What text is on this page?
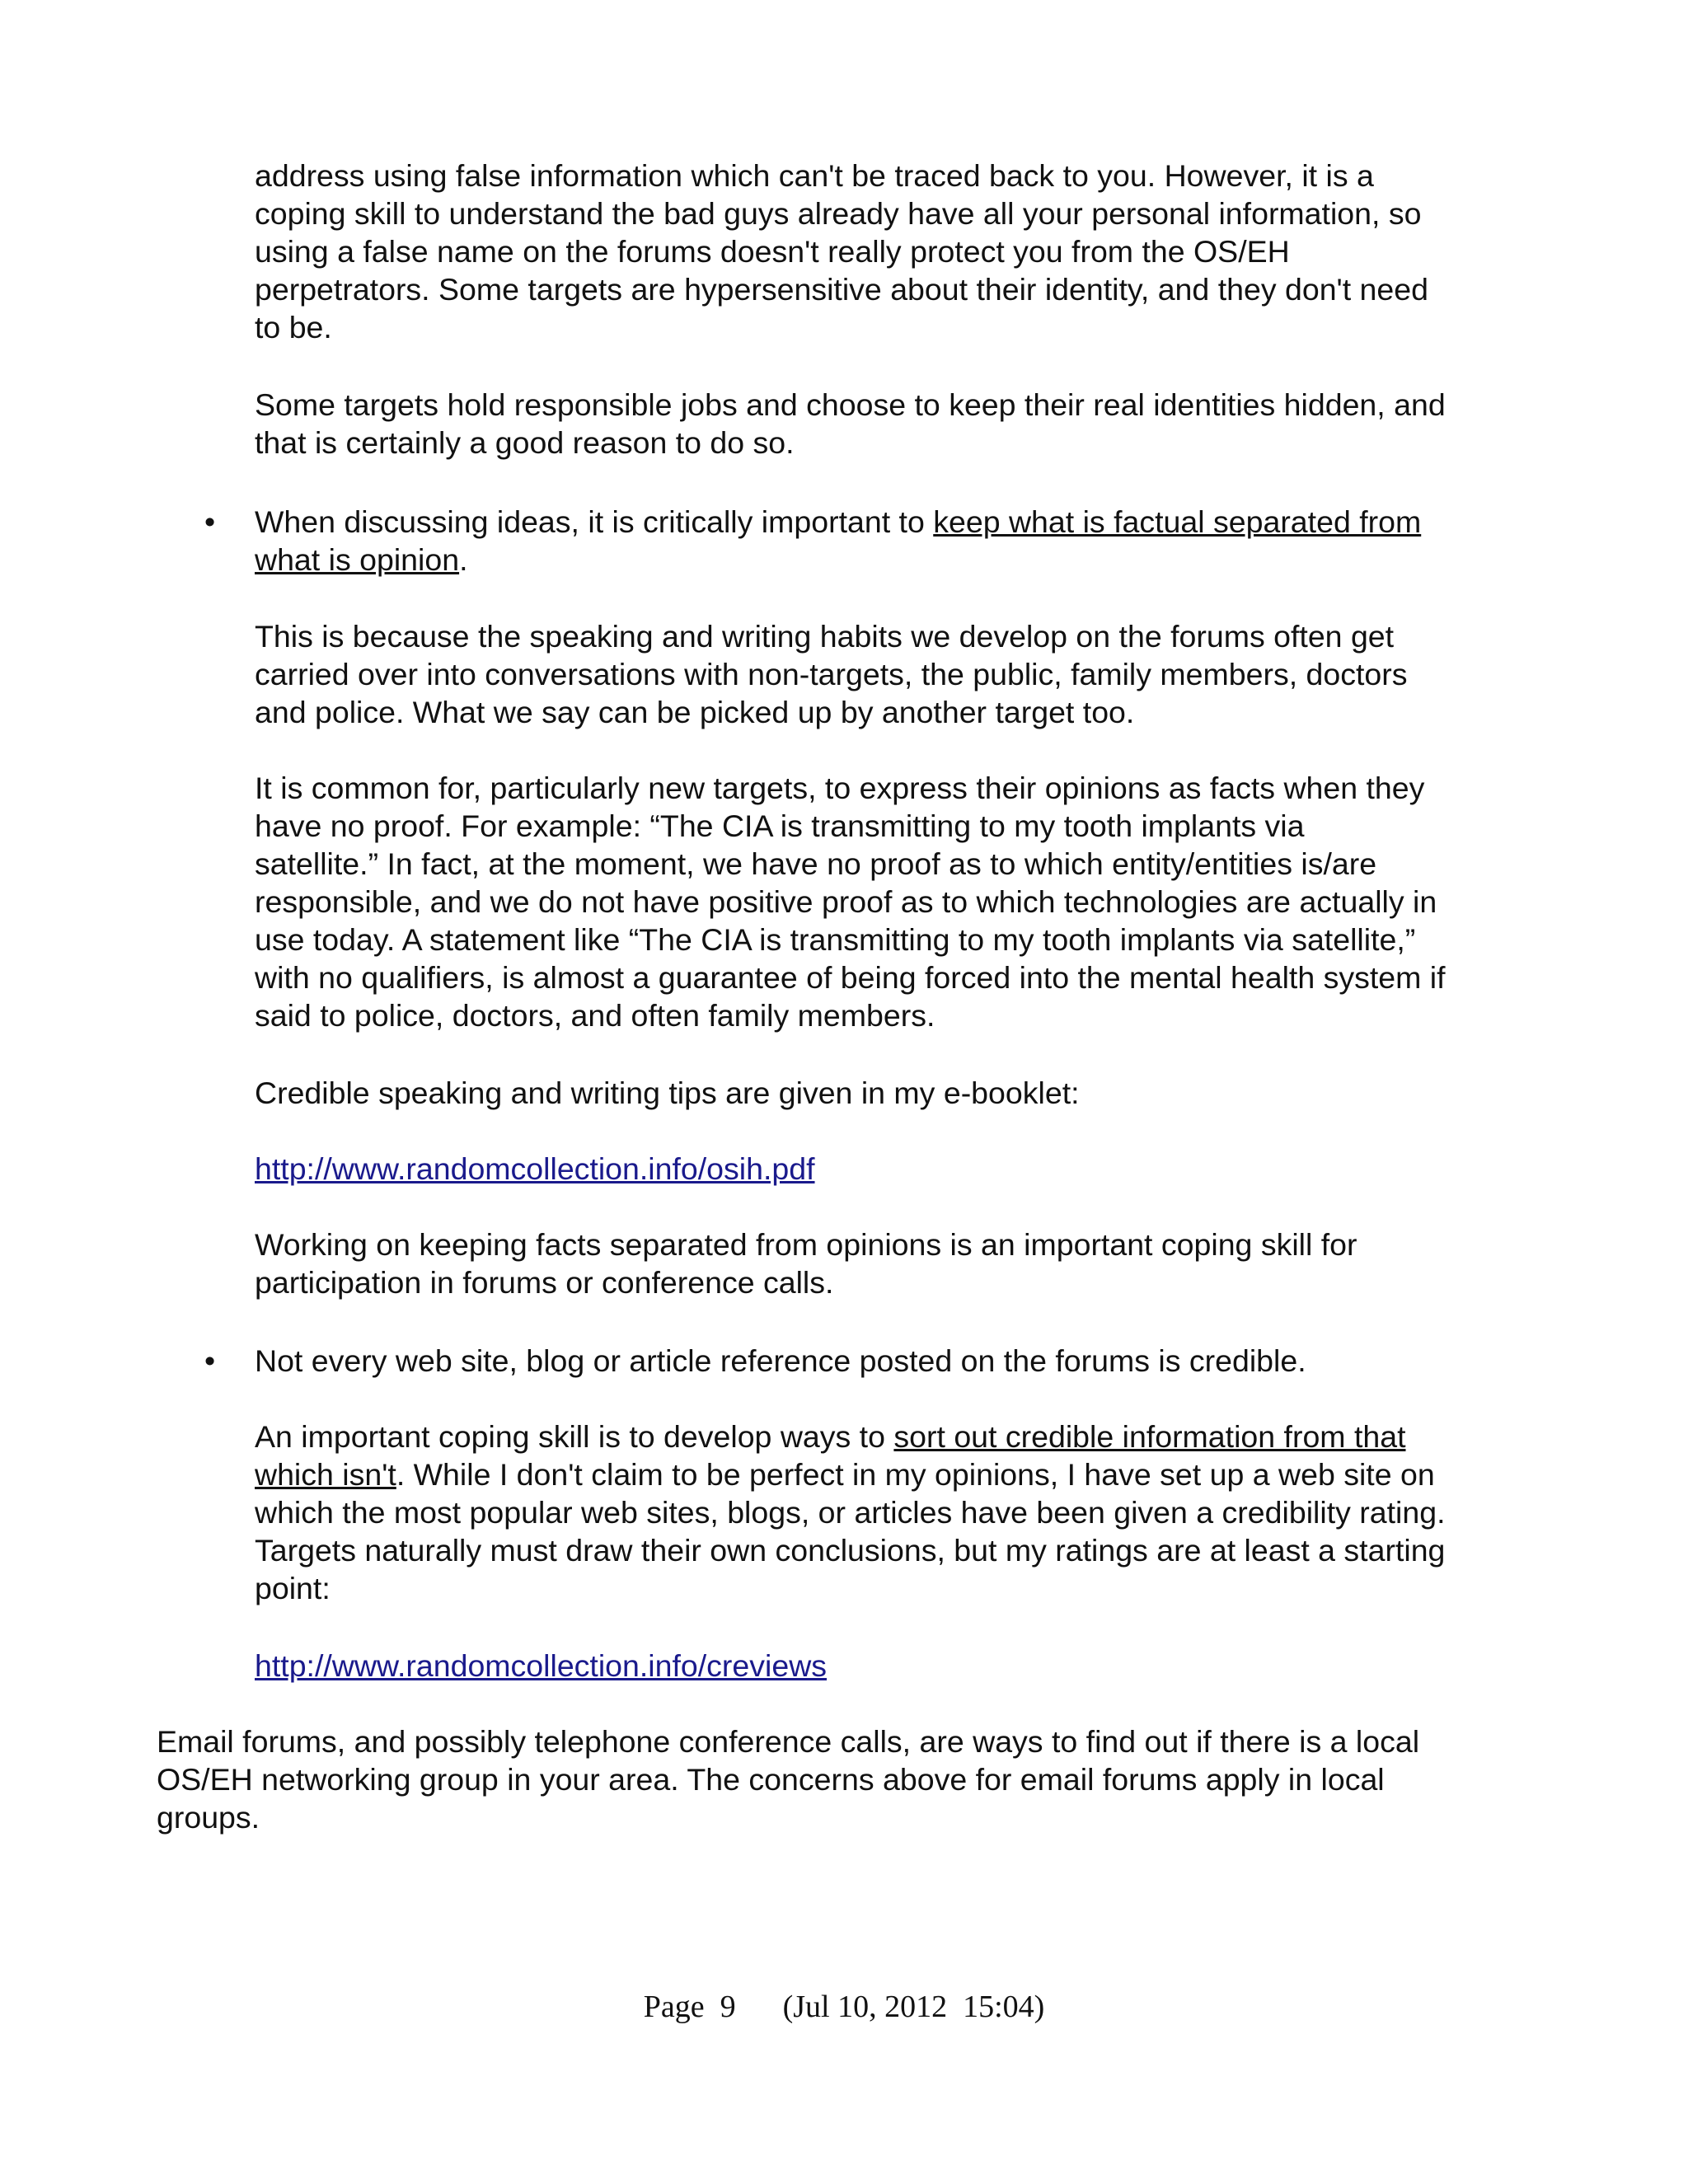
address using false information which can't be traced back to you. However, it is a
coping skill to understand the bad guys already have all your personal information, so
using a false name on the forums doesn't really protect you from the OS/EH
perpetrators. Some targets are hypersensitive about their identity, and they don't need
to be.

Some targets hold responsible jobs and choose to keep their real identities hidden, and
that is certainly a good reason to do so.

• When discussing ideas, it is critically important to keep what is factual separated from
what is opinion.

This is because the speaking and writing habits we develop on the forums often get
carried over into conversations with non-targets, the public, family members, doctors
and police. What we say can be picked up by another target too.

It is common for, particularly new targets, to express their opinions as facts when they
have no proof. For example: “The CIA is transmitting to my tooth implants via
satellite.” In fact, at the moment, we have no proof as to which entity/entities is/are
responsible, and we do not have positive proof as to which technologies are actually in
use today. A statement like “The CIA is transmitting to my tooth implants via satellite,”
with no qualifiers, is almost a guarantee of being forced into the mental health system if
said to police, doctors, and often family members.

Credible speaking and writing tips are given in my e-booklet:

http://www.randomcollection.info/osih.pdf

Working on keeping facts separated from opinions is an important coping skill for
participation in forums or conference calls.

• Not every web site, blog or article reference posted on the forums is credible.

An important coping skill is to develop ways to sort out credible information from that
which isn't. While I don't claim to be perfect in my opinions, I have set up a web site on
which the most popular web sites, blogs, or articles have been given a credibility rating.
Targets naturally must draw their own conclusions, but my ratings are at least a starting
point:

http://www.randomcollection.info/creviews

Email forums, and possibly telephone conference calls, are ways to find out if there is a local
OS/EH networking group in your area. The concerns above for email forums apply in local
groups.

Page  9 (Jul 10, 2012  15:04)
